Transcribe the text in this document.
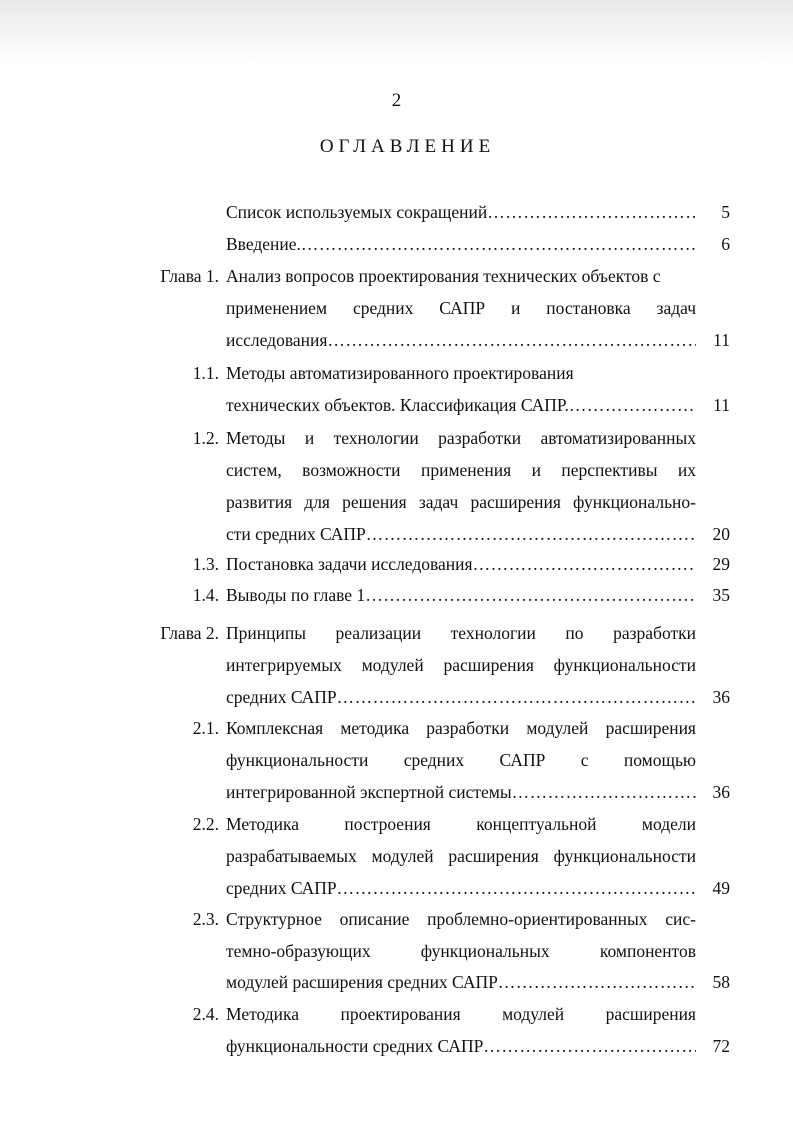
2
ОГЛАВЛЕНИЕ
Список используемых сокращений …………………………………………………………………………………………………………………………………………	5
Введение. …………………………………………………………………………………………………………………………………………	6
Глава 1. Анализ вопросов проектирования технических объектов с
применением средних САПР и постановка задач
исследования …………………………………………………………………………………………………………………………………………	11
1.1. Методы автоматизированного проектирования
технических объектов. Классификация САПР. …………………………………………………………………………………………………………………………………………	11
1.2. Методы и технологии разработки автоматизированных
систем, возможности применения и перспективы их
развития для решения задач расширения функционально-
сти средних САПР …………………………………………………………………………………………………………………………………………	20
1.3. Постановка задачи исследования …………………………………………………………………………………………………………………………………………	29
1.4. Выводы по главе 1 …………………………………………………………………………………………………………………………………………	35
Глава 2. Принципы реализации технологии по разработки
интегрируемых модулей расширения функциональности
средних САПР …………………………………………………………………………………………………………………………………………	36
2.1. Комплексная методика разработки модулей расширения
функциональности средних САПР с помощью
интегрированной экспертной системы …………………………………………………………………………………………………………………………………………	36
2.2. Методика построения концептуальной модели
разрабатываемых модулей расширения функциональности
средних САПР …………………………………………………………………………………………………………………………………………	49
2.3. Структурное описание проблемно-ориентированных сис-
темно-образующих функциональных компонентов
модулей расширения средних САПР …………………………………………………………………………………………………………………………………………	58
2.4. Методика проектирования модулей расширения
функциональности средних САПР …………………………………………………………………………………………………………………………………………	72
